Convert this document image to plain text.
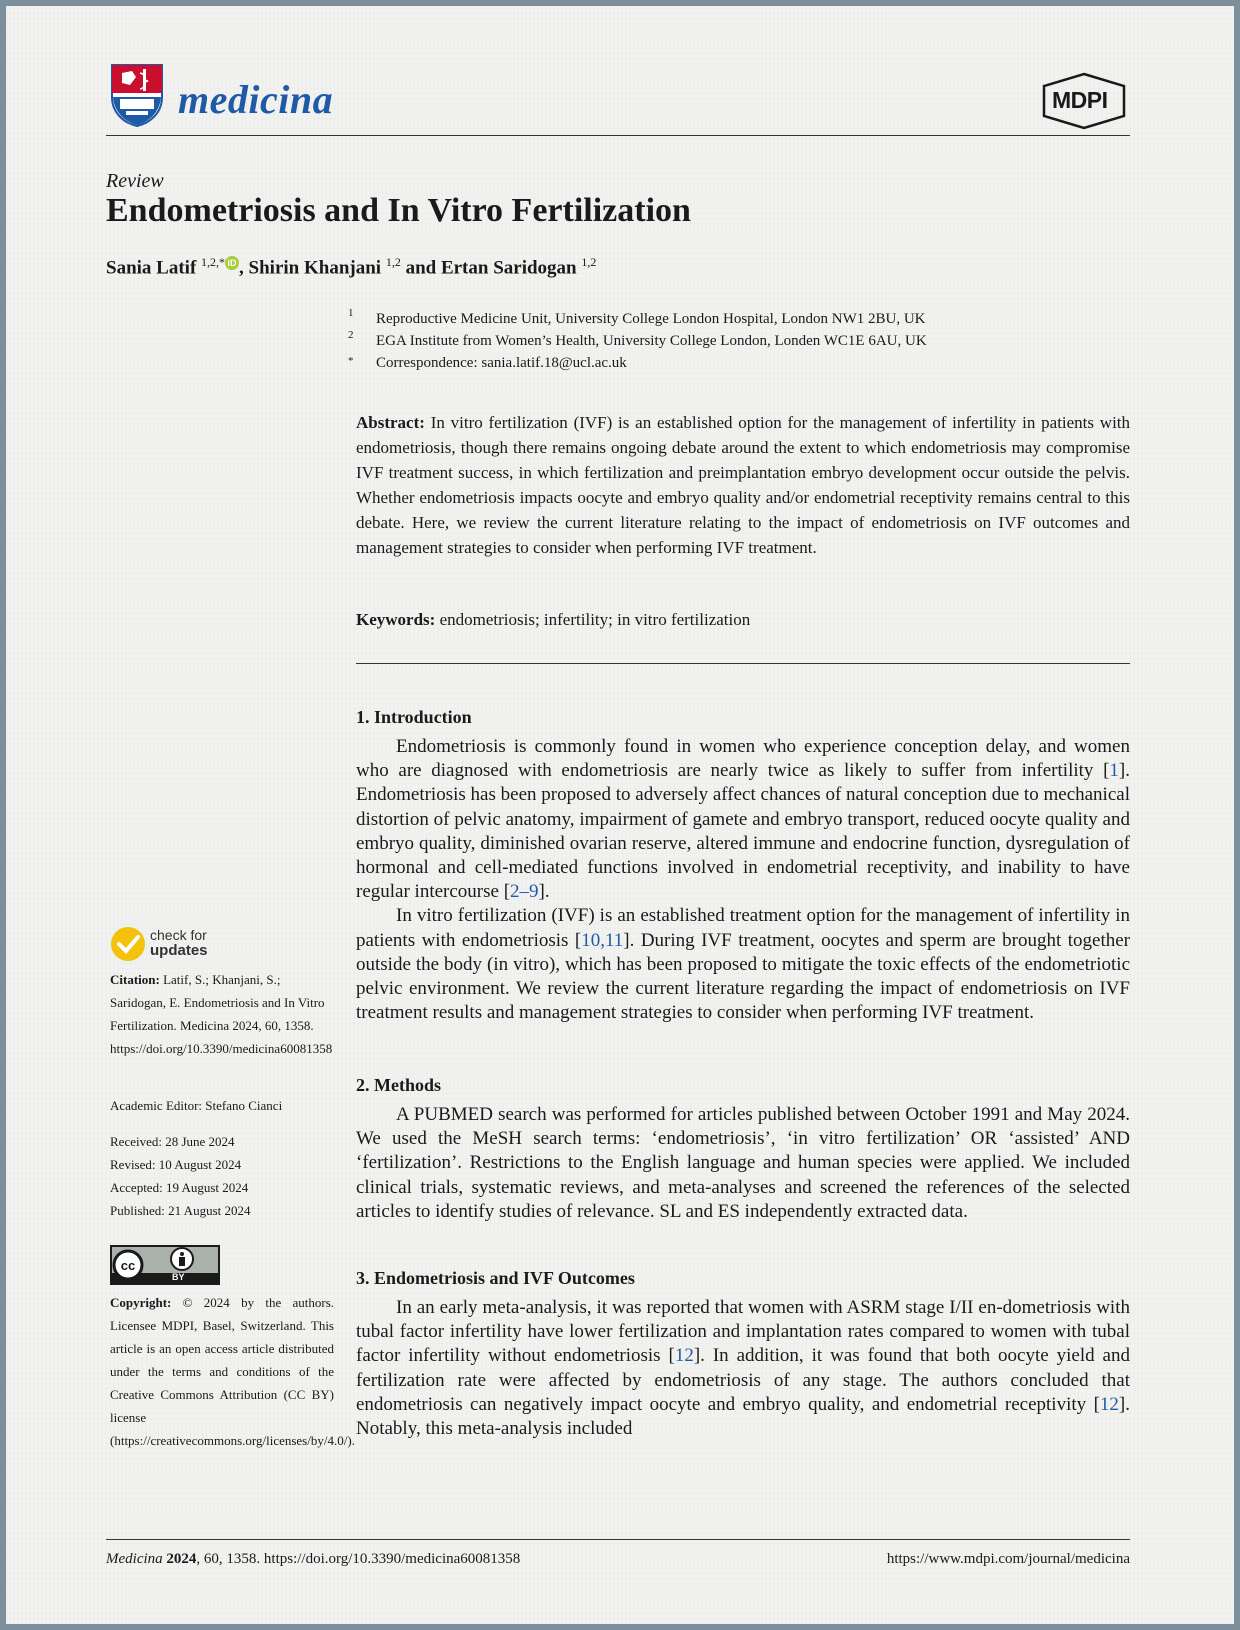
medicina	MDPI
Review
Endometriosis and In Vitro Fertilization
Sania Latif $^{1,2,*}$ iD , Shirin Khanjani $^{1,2}$ and Ertan Saridogan $^{1,2}$
1 Reproductive Medicine Unit, University College London Hospital, London NW1 2BU, UK
2 EGA Institute from Women’s Health, University College London, Londen WC1E 6AU, UK
* Correspondence: sania.latif.18@ucl.ac.uk
Abstract: In vitro fertilization (IVF) is an established option for the management of infertility in patients with endometriosis, though there remains ongoing debate around the extent to which endometriosis may compromise IVF treatment success, in which fertilization and preimplantation embryo development occur outside the pelvis. Whether endometriosis impacts oocyte and embryo quality and/or endometrial receptivity remains central to this debate. Here, we review the current literature relating to the impact of endometriosis on IVF outcomes and management strategies to consider when performing IVF treatment.
Keywords: endometriosis; infertility; in vitro fertilization
1. Introduction

Endometriosis is commonly found in women who experience conception delay, and women who are diagnosed with endometriosis are nearly twice as likely to suffer from infertility [1]. Endometriosis has been proposed to adversely affect chances of natural conception due to mechanical distortion of pelvic anatomy, impairment of gamete and embryo transport, reduced oocyte quality and embryo quality, diminished ovarian reserve, altered immune and endocrine function, dysregulation of hormonal and cell-mediated functions involved in endometrial receptivity, and inability to have regular intercourse [2–9].

In vitro fertilization (IVF) is an established treatment option for the management of infertility in patients with endometriosis [10,11]. During IVF treatment, oocytes and sperm are brought together outside the body (in vitro), which has been proposed to mitigate the toxic effects of the endometriotic pelvic environment. We review the current literature regarding the impact of endometriosis on IVF treatment results and management strategies to consider when performing IVF treatment.

2. Methods

A PUBMED search was performed for articles published between October 1991 and May 2024. We used the MeSH search terms: ‘endometriosis’, ‘in vitro fertilization’ OR ‘assisted’ AND ‘fertilization’. Restrictions to the English language and human species were applied. We included clinical trials, systematic reviews, and meta-analyses and screened the references of the selected articles to identify studies of relevance. SL and ES independently extracted data.

3. Endometriosis and IVF Outcomes

In an early meta-analysis, it was reported that women with ASRM stage I/II en-dometriosis with tubal factor infertility have lower fertilization and implantation rates compared to women with tubal factor infertility without endometriosis [12]. In addition, it was found that both oocyte yield and fertilization rate were affected by endometriosis of any stage. The authors concluded that endometriosis can negatively impact oocyte and embryo quality, and endometrial receptivity [12]. Notably, this meta-analysis included

check for
updates
Citation: Latif, S.; Khanjani, S.; Saridogan, E. Endometriosis and In Vitro Fertilization. Medicina 2024, 60, 1358. https://doi.org/10.3390/medicina60081358
Academic Editor: Stefano Cianci
Received: 28 June 2024
Revised: 10 August 2024
Accepted: 19 August 2024
Published: 21 August 2024
cc
BY
Copyright: © 2024 by the authors. Licensee MDPI, Basel, Switzerland. This article is an open access article distributed under the terms and conditions of the Creative Commons Attribution (CC BY) license (https://creativecommons.org/licenses/by/4.0/).
Medicina 2024, 60, 1358. https://doi.org/10.3390/medicina60081358	https://www.mdpi.com/journal/medicina
